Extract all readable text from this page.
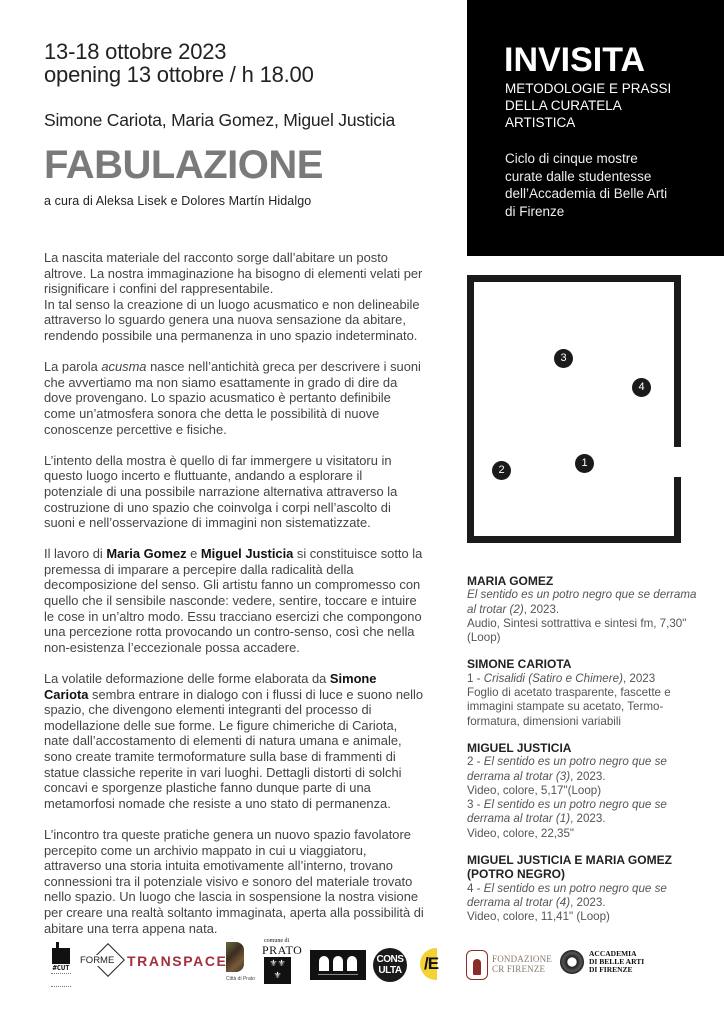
13-18 ottobre 2023
opening 13 ottobre / h 18.00
Simone Cariota, Maria Gomez, Miguel Justicia
FABULAZIONE
a cura di Aleksa Lisek e Dolores Martín Hidalgo
INVISITA
METODOLOGIE E PRASSI
DELLA CURATELA
ARTISTICA
Ciclo di cinque mostre
curate dalle studentesse
dell’Accademia di Belle Arti
di Firenze

La nascita materiale del racconto sorge dall’abitare un posto altrove. La nostra immaginazione ha bisogno di elementi velati per risignificare i confini del rappresentabile.

In tal senso la creazione di un luogo acusmatico e non delineabile attraverso lo sguardo genera una nuova sensazione da abitare, rendendo possibile una permanenza in uno spazio indeterminato.

La parola acusma nasce nell’antichità greca per descrivere i suoni che avvertiamo ma non siamo esattamente in grado di dire da dove provengano. Lo spazio acusmatico è pertanto definibile come un’atmosfera sonora che detta le possibilità di nuove conoscenze percettive e fisiche.

L’intento della mostra è quello di far immergere u visitatoru in questo luogo incerto e fluttuante, andando a esplorare il potenziale di una possibile narrazione alternativa attraverso la costruzione di uno spazio che coinvolga i corpi nell’ascolto di suoni e nell’osservazione di immagini non sistematizzate.

Il lavoro di Maria Gomez e Miguel Justicia si constituisce sotto la premessa di imparare a percepire dalla radicalità della decomposizione del senso. Gli artistu fanno un compromesso con quello che il sensibile nasconde: vedere, sentire, toccare e intuire le cose in un’altro modo. Essu tracciano esercizi che compongono una percezione rotta provocando un contro-senso, così che nella non-esistenza l’eccezionale possa accadere.

La volatile deformazione delle forme elaborata da Simone Cariota sembra entrare in dialogo con i flussi di luce e suono nello spazio, che divengono elementi integranti del processo di modellazione delle sue forme. Le figure chimeriche di Cariota, nate dall’accostamento di elementi di natura umana e animale, sono create tramite termoformature sulla base di frammenti di statue classiche reperite in vari luoghi. Dettagli distorti di solchi concavi e sporgenze plastiche fanno dunque parte di una metamorfosi nomade che resiste a uno stato di permanenza.

L’incontro tra queste pratiche genera un nuovo spazio favolatore percepito come un archivio mappato in cui u viaggiatoru, attraverso una storia intuita emotivamente all’interno, trovano connessioni tra il potenziale visivo e sonoro del materiale trovato nello spazio. Un luogo che lascia in sospensione la nostra visione per creare una realtà soltanto immaginata, aperta alla possibilità di abitare una terra appena nata.

1
2
3
4
MARIA GOMEZ
El sentido es un potro negro que se derrama al trotar (2), 2023.
Audio, Sintesi sottrattiva e sintesi fm, 7,30" (Loop)
SIMONE CARIOTA
1 - Crisalidi (Satiro e Chimere), 2023
Foglio di acetato trasparente, fascette e immagini stampate su acetato, Termo-formatura, dimensioni variabili
MIGUEL JUSTICIA
2 - El sentido es un potro negro que se derrama al trotar (3), 2023.
Video, colore, 5,17"(Loop)
3 - El sentido es un potro negro que se derrama al trotar (1), 2023.
Video, colore, 22,35"
MIGUEL JUSTICIA E MARIA GOMEZ (POTRO NEGRO)
4 - El sentido es un potro negro que se derrama al trotar (4), 2023.
Video, colore, 11,41" (Loop)
#CUT
FORME TRANSPACE
Città di Prato
comune di
PRATO
⚜⚜
⚜
CONS
ULTA	/E	FONDAZIONE
CR FIRENZE
ACCADEMIA
DI BELLE ARTI
DI FIRENZE
